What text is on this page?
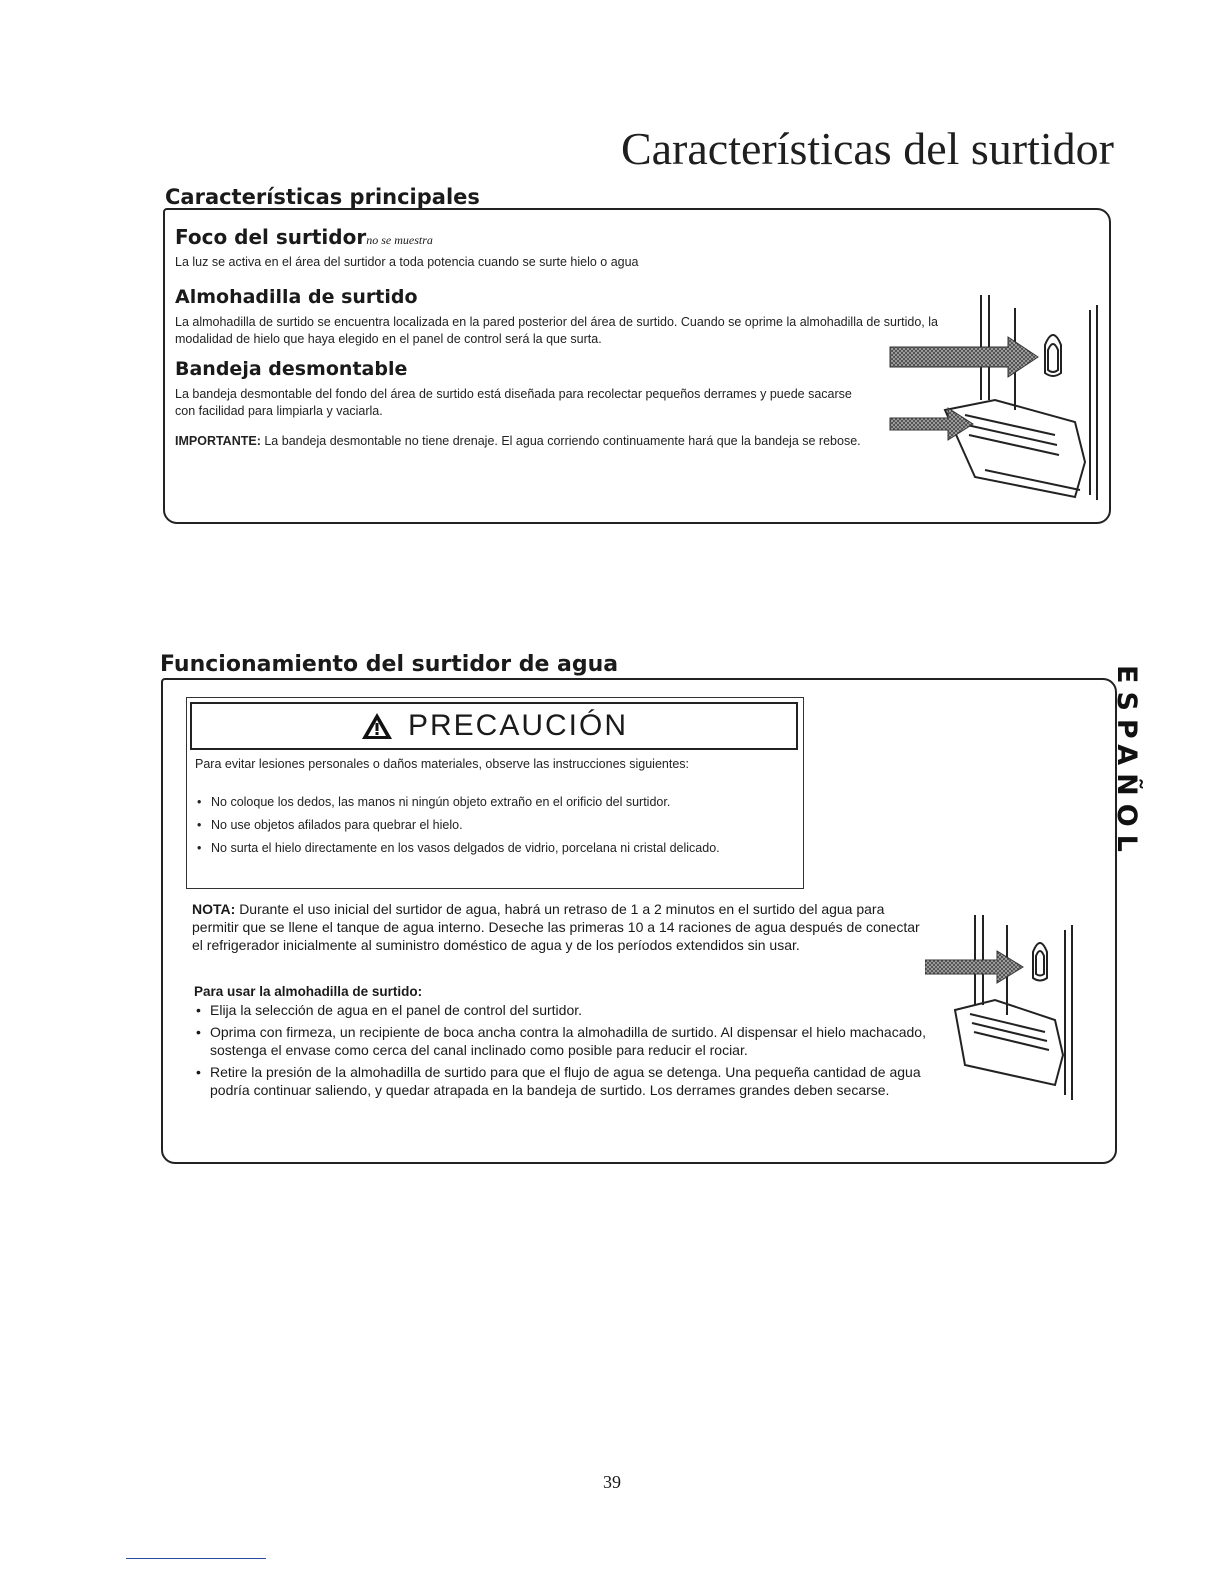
Características del surtidor
Características principales
Foco del surtidorno se muestra
La luz se activa en el área del surtidor a toda potencia cuando se surte hielo o agua
Almohadilla de surtido
La almohadilla de surtido se encuentra localizada en la pared posterior del área de surtido. Cuando se oprime la almohadilla de surtido, la modalidad de hielo que haya elegido en el panel de control será la que surta.
Bandeja desmontable
La bandeja desmontable del fondo del área de surtido está diseñada para recolectar pequeños derrames y puede sacarse con facilidad para limpiarla y vaciarla.
IMPORTANTE: La bandeja desmontable no tiene drenaje. El agua corriendo continuamente hará que la bandeja se rebose.
Funcionamiento del surtidor de agua
PRECAUCIÓN
Para evitar lesiones personales o daños materiales, observe las instrucciones siguientes:
• No coloque los dedos, las manos ni ningún objeto extraño en el orificio del surtidor.
• No use objetos afilados para quebrar el hielo.
• No surta el hielo directamente en los vasos delgados de vidrio, porcelana ni cristal delicado.
NOTA: Durante el uso inicial del surtidor de agua, habrá un retraso de 1 a 2 minutos en el surtido del agua para permitir que se llene el tanque de agua interno. Deseche las primeras 10 a 14 raciones de agua después de conectar el refrigerador inicialmente al suministro doméstico de agua y de los períodos extendidos sin usar.
Para usar la almohadilla de surtido:
• Elija la selección de agua en el panel de control del surtidor.
• Oprima con firmeza, un recipiente de boca ancha contra la almohadilla de surtido. Al dispensar el hielo machacado, sostenga el envase como cerca del canal inclinado como posible para reducir el rociar.
• Retire la presión de la almohadilla de surtido para que el flujo de agua se detenga. Una pequeña cantidad de agua podría continuar saliendo, y quedar atrapada en la bandeja de surtido. Los derrames grandes deben secarse.
ESPAÑOL
39
